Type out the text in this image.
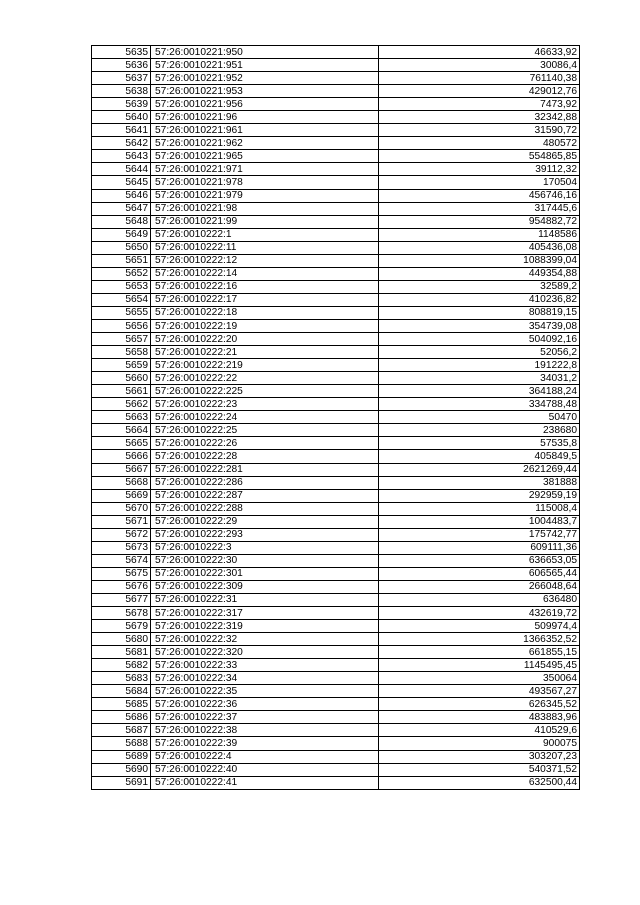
5635	57:26:0010221:950	46633,92
5636	57:26:0010221:951	30086,4
5637	57:26:0010221:952	761140,38
5638	57:26:0010221:953	429012,76
5639	57:26:0010221:956	7473,92
5640	57:26:0010221:96	32342,88
5641	57:26:0010221:961	31590,72
5642	57:26:0010221:962	480572
5643	57:26:0010221:965	554865,85
5644	57:26:0010221:971	39112,32
5645	57:26:0010221:978	170504
5646	57:26:0010221:979	456746,16
5647	57:26:0010221:98	317445,6
5648	57:26:0010221:99	954882,72
5649	57:26:0010222:1	1148586
5650	57:26:0010222:11	405436,08
5651	57:26:0010222:12	1088399,04
5652	57:26:0010222:14	449354,88
5653	57:26:0010222:16	32589,2
5654	57:26:0010222:17	410236,82
5655	57:26:0010222:18	808819,15
5656	57:26:0010222:19	354739,08
5657	57:26:0010222:20	504092,16
5658	57:26:0010222:21	52056,2
5659	57:26:0010222:219	191222,8
5660	57:26:0010222:22	34031,2
5661	57:26:0010222:225	364188,24
5662	57:26:0010222:23	334788,48
5663	57:26:0010222:24	50470
5664	57:26:0010222:25	238680
5665	57:26:0010222:26	57535,8
5666	57:26:0010222:28	405849,5
5667	57:26:0010222:281	2621269,44
5668	57:26:0010222:286	381888
5669	57:26:0010222:287	292959,19
5670	57:26:0010222:288	115008,4
5671	57:26:0010222:29	1004483,7
5672	57:26:0010222:293	175742,77
5673	57:26:0010222:3	609111,36
5674	57:26:0010222:30	636653,05
5675	57:26:0010222:301	606565,44
5676	57:26:0010222:309	266048,64
5677	57:26:0010222:31	636480
5678	57:26:0010222:317	432619,72
5679	57:26:0010222:319	509974,4
5680	57:26:0010222:32	1366352,52
5681	57:26:0010222:320	661855,15
5682	57:26:0010222:33	1145495,45
5683	57:26:0010222:34	350064
5684	57:26:0010222:35	493567,27
5685	57:26:0010222:36	626345,52
5686	57:26:0010222:37	483883,96
5687	57:26:0010222:38	410529,6
5688	57:26:0010222:39	900075
5689	57:26:0010222:4	303207,23
5690	57:26:0010222:40	540371,52
5691	57:26:0010222:41	632500,44
